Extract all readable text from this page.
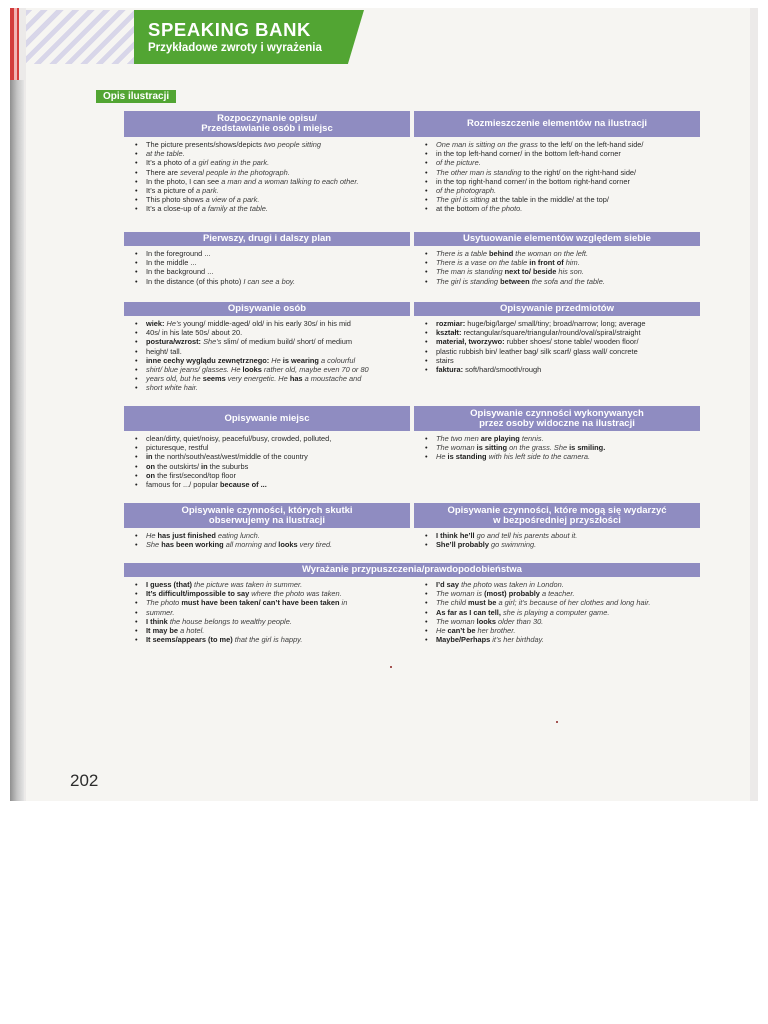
SPEAKING BANK

Przykładowe zwroty i wyrażenia

Opis ilustracji

Rozpoczynanie opisu/
Przedstawianie osób i miejsc
• The picture presents/shows/depicts two people sitting
• at the table.
• It’s a photo of a girl eating in the park.
• There are several people in the photograph.
• In the photo, I can see a man and a woman talking to each other.
• It’s a picture of a park.
• This photo shows a view of a park.
• It’s a close-up of a family at the table.
Rozmieszczenie elementów na ilustracji
• One man is sitting on the grass to the left/ on the left-hand side/
• in the top left-hand corner/ in the bottom left-hand corner
• of the picture.
• The other man is standing to the right/ on the right-hand side/
• in the top right-hand corner/ in the bottom right-hand corner
• of the photograph.
• The girl is sitting at the table in the middle/ at the top/
• at the bottom of the photo.
Pierwszy, drugi i dalszy plan
• In the foreground ...
• In the middle ...
• In the background ...
• In the distance (of this photo) I can see a boy.
Usytuowanie elementów względem siebie
• There is a table behind the woman on the left.
• There is a vase on the table in front of him.
• The man is standing next to/ beside his son.
• The girl is standing between the sofa and the table.
Opisywanie osób
• wiek: He’s young/ middle-aged/ old/ in his early 30s/ in his mid
• 40s/ in his late 50s/ about 20.
• postura/wzrost: She’s slim/ of medium build/ short/ of medium
• height/ tall.
• inne cechy wyglądu zewnętrznego: He is wearing a colourful
• shirt/ blue jeans/ glasses. He looks rather old, maybe even 70 or 80
• years old, but he seems very energetic. He has a moustache and
• short white hair.
Opisywanie przedmiotów
• rozmiar: huge/big/large/ small/tiny; broad/narrow; long; average
• kształt: rectangular/square/triangular/round/oval/spiral/straight
• materiał, tworzywo: rubber shoes/ stone table/ wooden floor/
• plastic rubbish bin/ leather bag/ silk scarf/ glass wall/ concrete
• stairs
• faktura: soft/hard/smooth/rough
Opisywanie miejsc
• clean/dirty, quiet/noisy, peaceful/busy, crowded, polluted,
• picturesque, restful
• in the north/south/east/west/middle of the country
• on the outskirts/ in the suburbs
• on the first/second/top floor
• famous for .../ popular because of ...
Opisywanie czynności wykonywanych
przez osoby widoczne na ilustracji
• The two men are playing tennis.
• The woman is sitting on the grass. She is smiling.
• He is standing with his left side to the camera.
Opisywanie czynności, których skutki
obserwujemy na ilustracji
• He has just finished eating lunch.
• She has been working all morning and looks very tired.
Opisywanie czynności, które mogą się wydarzyć
w bezpośredniej przyszłości
• I think he’ll go and tell his parents about it.
• She’ll probably go swimming.
Wyrażanie przypuszczenia/prawdopodobieństwa
• I guess (that) the picture was taken in summer.
• It’s difficult/impossible to say where the photo was taken.
• The photo must have been taken/ can’t have been taken in
• summer.
• I think the house belongs to wealthy people.
• It may be a hotel.
• It seems/appears (to me) that the girl is happy.
• I’d say the photo was taken in London.
• The woman is (most) probably a teacher.
• The child must be a girl; it’s because of her clothes and long hair.
• As far as I can tell, she is playing a computer game.
• The woman looks older than 30.
• He can’t be her brother.
• Maybe/Perhaps it’s her birthday.

202
